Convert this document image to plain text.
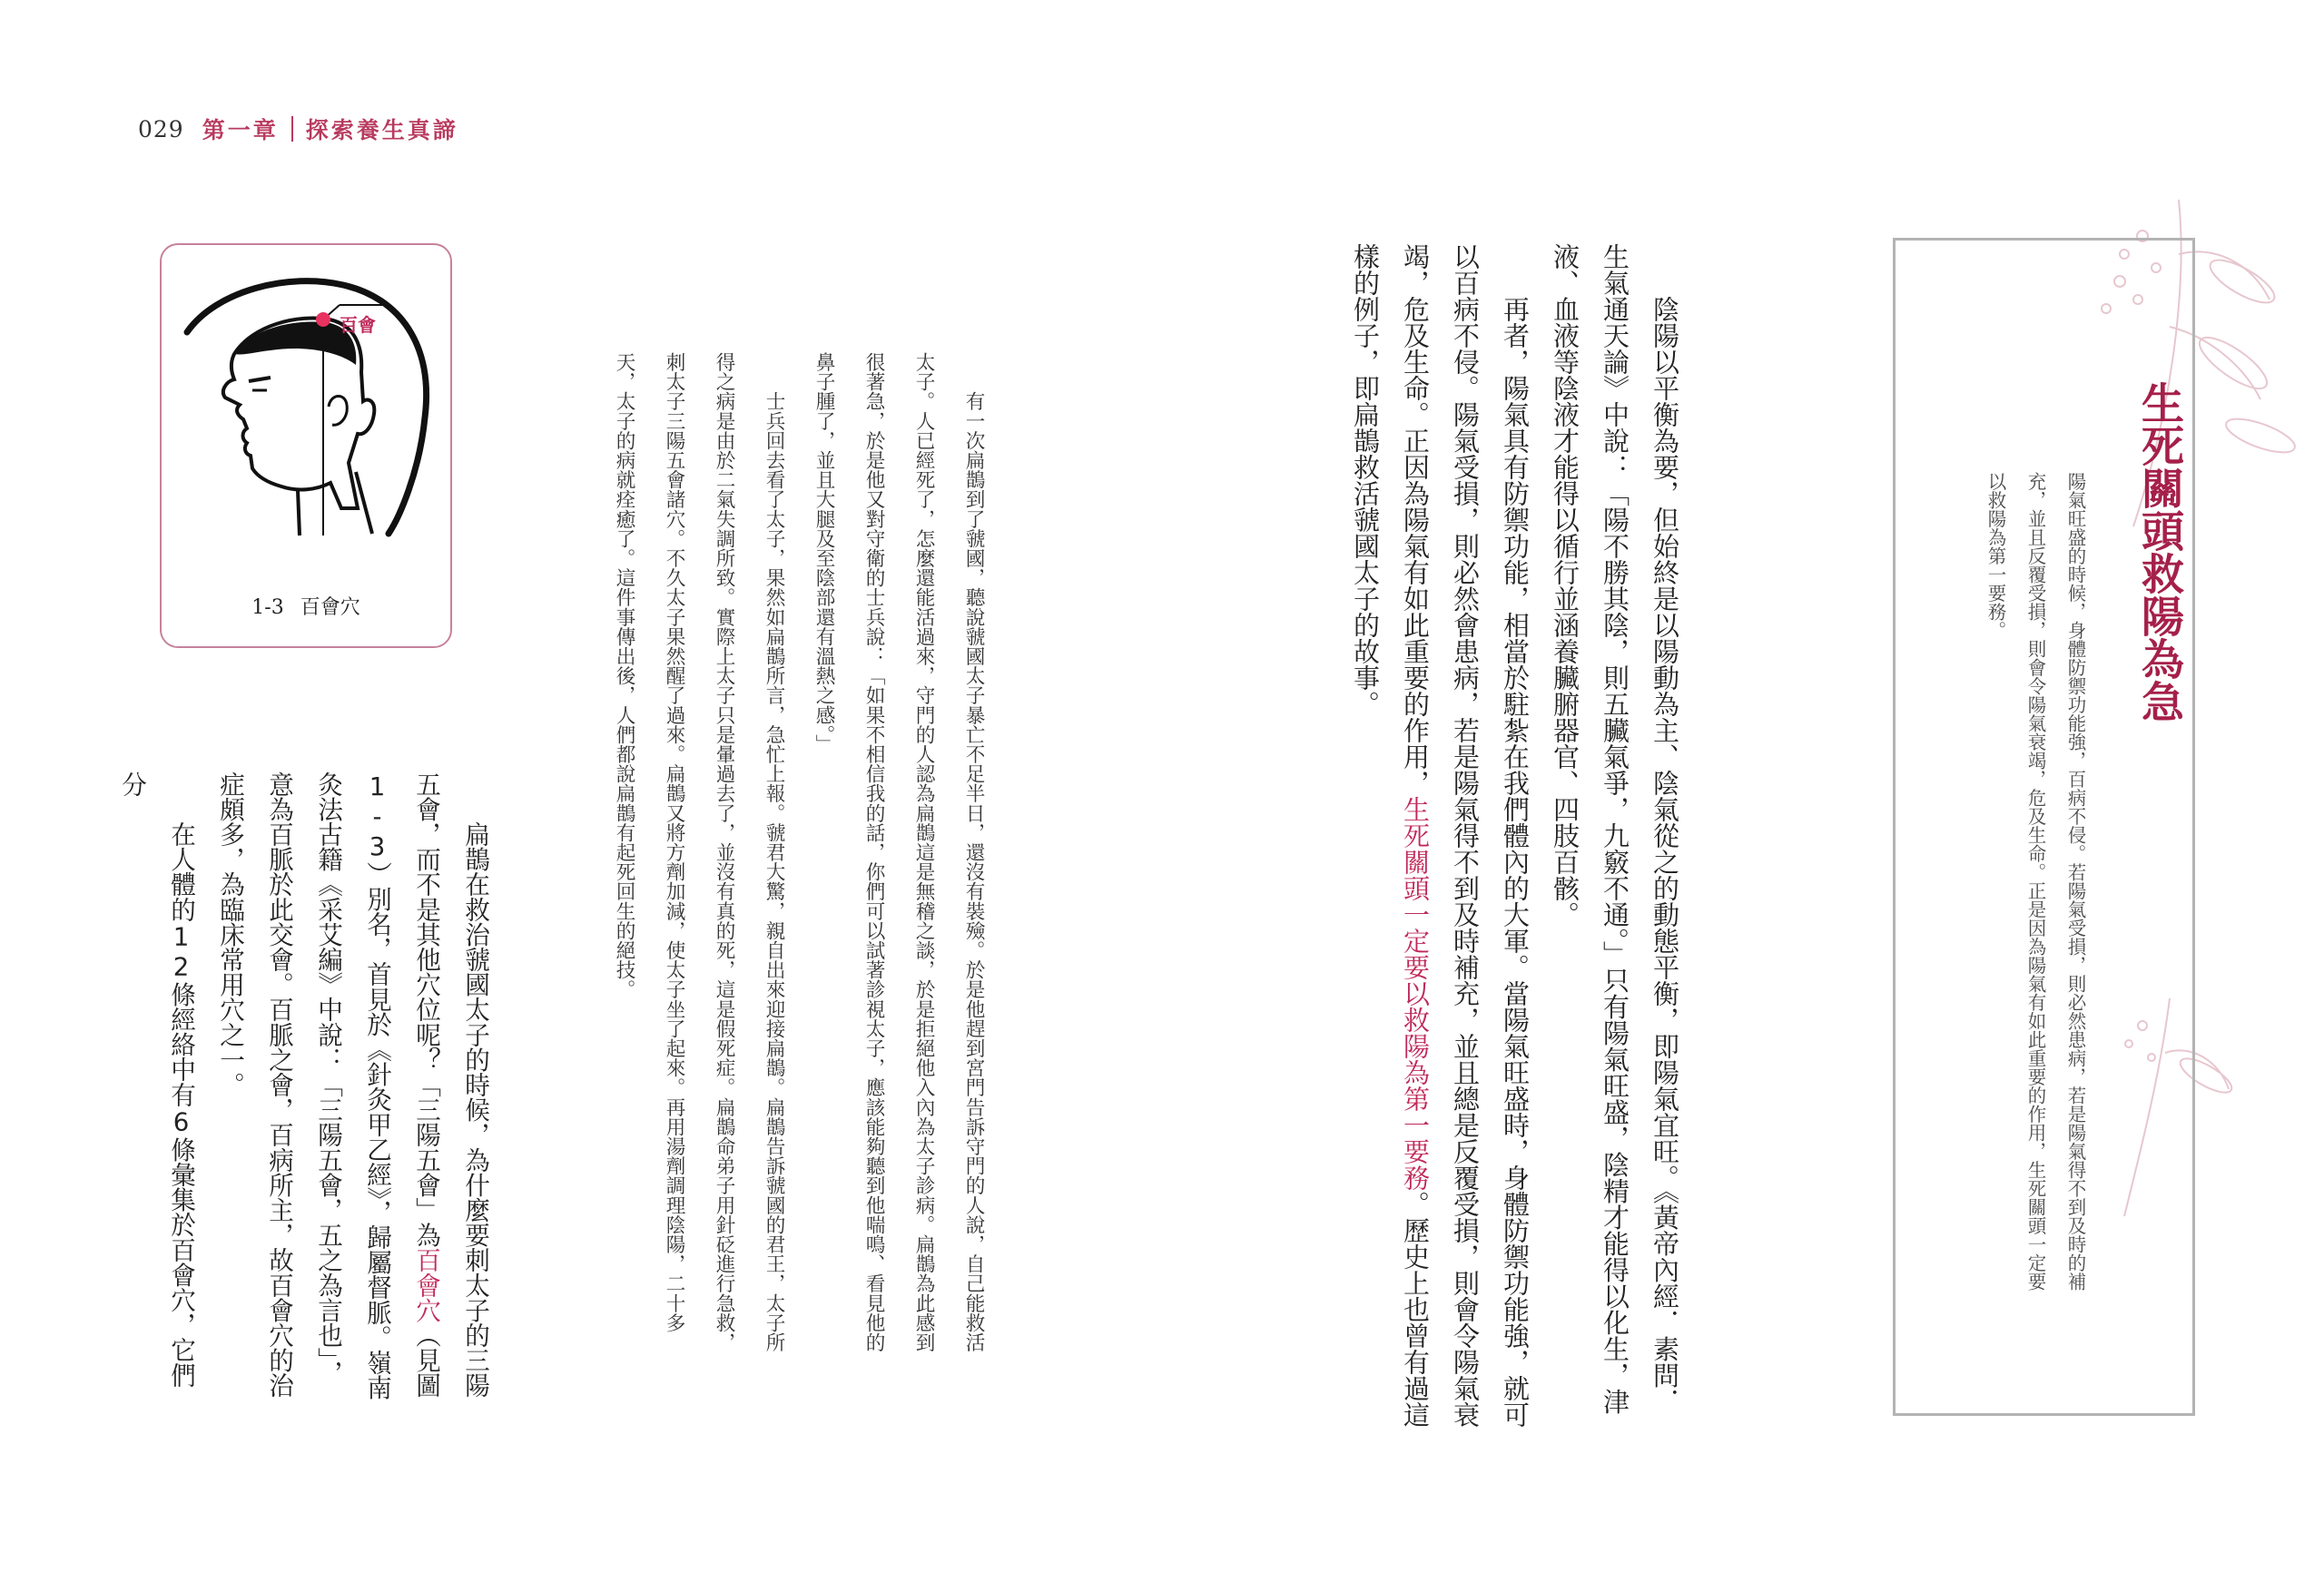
029 第一章 探索養生真諦
百會
1-3 百會穴	有一次扁鵲到了虢國，聽說虢國太子暴亡不足半日，還沒有裝殮。於是他趕到宮門告訴守門的人說，自己能救活太子。人已經死了，怎麼還能活過來，守門的人認為扁鵲這是無稽之談，於是拒絕他入內為太子診病。扁鵲為此感到很著急，於是他又對守衛的士兵說：「如果不相信我的話，你們可以試著診視太子，應該能夠聽到他喘鳴、看見他的鼻子腫了，並且大腿及至陰部還有溫熱之感。」

士兵回去看了太子，果然如扁鵲所言，急忙上報。虢君大驚，親自出來迎接扁鵲。扁鵲告訴虢國的君王，太子所得之病是由於二氣失調所致。實際上太子只是暈過去了，並沒有真的死，這是假死症。扁鵲命弟子用針砭進行急救，刺太子三陽五會諸穴。不久太子果然醒了過來。扁鵲又將方劑加減，使太子坐了起來。再用湯劑調理陰陽，二十多天，太子的病就痊癒了。這件事傳出後，人們都說扁鵲有起死回生的絕技。

扁鵲在救治虢國太子的時候，為什麼要刺太子的三陽五會，而不是其他穴位呢？「三陽五會」為百會穴（見圖1-3）別名，首見於《針灸甲乙經》，歸屬督脈。嶺南灸法古籍《采艾編》中說：「三陽五會，五之為言也」，意為百脈於此交會。百脈之會，百病所主，故百會穴的治症頗多，為臨床常用穴之一。

在人體的12條經絡中有6條彙集於百會穴，它們分	陰陽以平衡為要，但始終是以陽動為主、陰氣從之的動態平衡，即陽氣宜旺。《黃帝內經．素問．生氣通天論》中說：「陽不勝其陰，則五臟氣爭，九竅不通。」只有陽氣旺盛，陰精才能得以化生，津液、血液等陰液才能得以循行並涵養臟腑器官、四肢百骸。

再者，陽氣具有防禦功能，相當於駐紮在我們體內的大軍。當陽氣旺盛時，身體防禦功能強，就可以百病不侵。陽氣受損，則必然會患病，若是陽氣得不到及時補充，並且總是反覆受損，則會令陽氣衰竭，危及生命。正因為陽氣有如此重要的作用，生死關頭一定要以救陽為第一要務。歷史上也曾有過這樣的例子，即扁鵲救活虢國太子的故事。	生死關頭救陽為急
陽氣旺盛的時候，身體防禦功能強，百病不侵。若陽氣受損，則必然患病，若是陽氣得不到及時的補充，並且反覆受損，則會令陽氣衰竭，危及生命。正是因為陽氣有如此重要的作用，生死關頭一定要以救陽為第一要務。
